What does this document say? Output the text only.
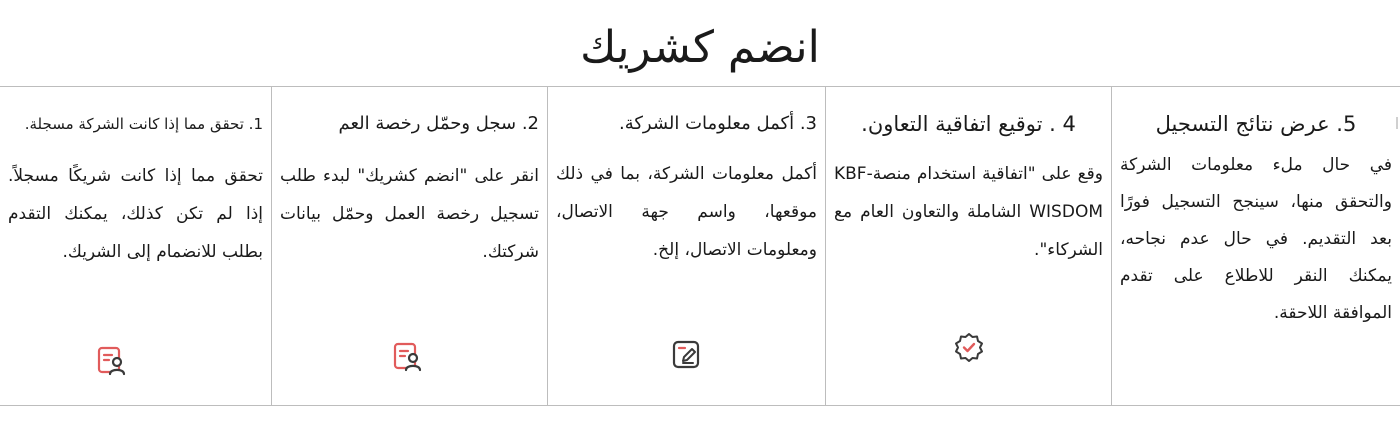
انضم كشريك
1. تحقق مما إذا كانت الشركة مسجلة.
تحقق مما إذا كانت شريكًا مسجلاً. إذا لم تكن كذلك، يمكنك التقدم بطلب للانضمام إلى الشريك.
2. سجل وحمّل رخصة العم
انقر على "انضم كشريك" لبدء طلب تسجيل رخصة العمل وحمّل بيانات شركتك.
3. أكمل معلومات الشركة.
أكمل معلومات الشركة، بما في ذلك موقعها، واسم جهة الاتصال، ومعلومات الاتصال، إلخ.
4 . توقيع اتفاقية التعاون.
وقع على "اتفاقية استخدام منصةKBF-WISDOM الشاملة والتعاون العام مع الشركاء".
5. عرض نتائج التسجيل
في حال ملء معلومات الشركة والتحقق منها، سينجح التسجيل فورًا بعد التقديم. في حال عدم نجاحه، يمكنك النقر للاطلاع على تقدم الموافقة اللاحقة.
